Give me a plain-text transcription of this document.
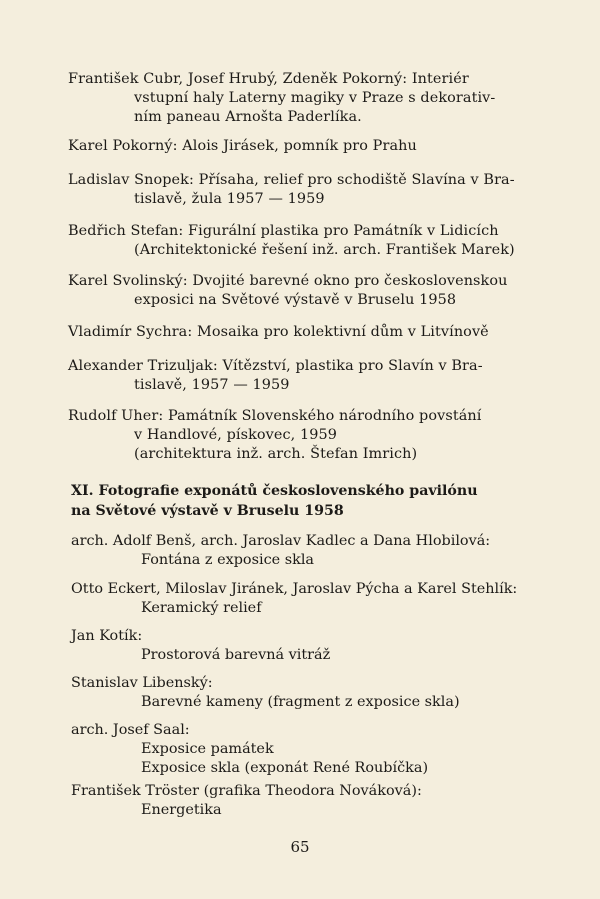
František Cubr, Josef Hrubý, Zdeněk Pokorný: Interiér
vstupní haly Laterny magiky v Praze s dekorativ-
ním paneau Arnošta Paderlíka.
Karel Pokorný: Alois Jirásek, pomník pro Prahu
Ladislav Snopek: Přísaha, relief pro schodiště Slavína v Bra-
tislavě, žula 1957 — 1959
Bedřich Stefan: Figurální plastika pro Památník v Lidicích
(Architektonické řešení inž. arch. František Marek)
Karel Svolinský: Dvojité barevné okno pro československou
exposici na Světové výstavě v Bruselu 1958
Vladimír Sychra: Mosaika pro kolektivní dům v Litvínově
Alexander Trizuljak: Vítězství, plastika pro Slavín v Bra-
tislavě, 1957 — 1959
Rudolf Uher: Památník Slovenského národního povstání
v Handlové, pískovec, 1959
(architektura inž. arch. Štefan Imrich)
XI. Fotografie exponátů československého pavilónu
na Světové výstavě v Bruselu 1958
arch. Adolf Benš, arch. Jaroslav Kadlec a Dana Hlobilová:
Fontána z exposice skla
Otto Eckert, Miloslav Jiránek, Jaroslav Pýcha a Karel Stehlík:
Keramický relief
Jan Kotík:
Prostorová barevná vitráž
Stanislav Libenský:
Barevné kameny (fragment z exposice skla)
arch. Josef Saal:
Exposice památek
Exposice skla (exponát René Roubíčka)
František Tröster (grafika Theodora Nováková):
Energetika
65
